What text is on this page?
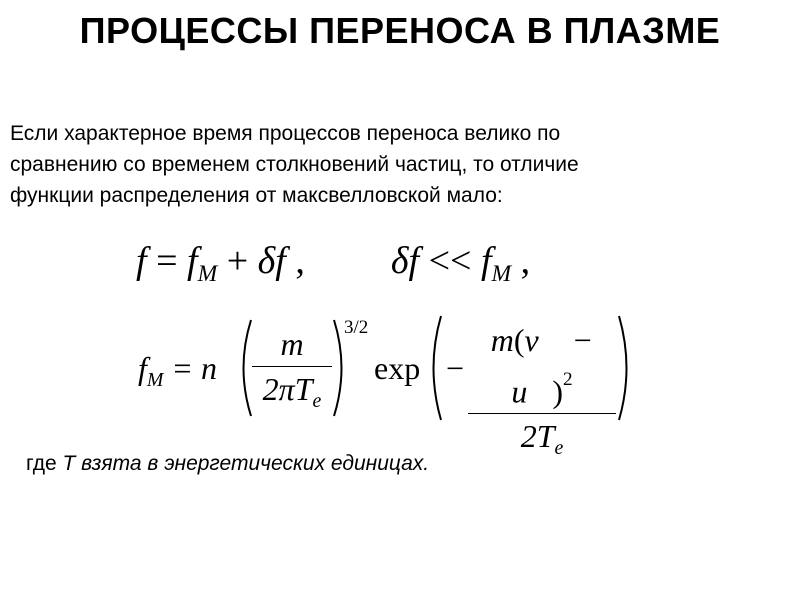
ПРОЦЕССЫ ПЕРЕНОСА В ПЛАЗМЕ
Если характерное время процессов переноса велико по
сравнению со временем столкновений частиц, то отличие
функции распределения от максвелловской мало:
$f = f_M + \delta f$ , $\delta f << f_M$ ,
$f_M = n$
m
$2\pi T_e$
3/2
exp −
m(v⃗ − u⃗)$^2$
$2T_e$

где T взята в энергетических единицах.
